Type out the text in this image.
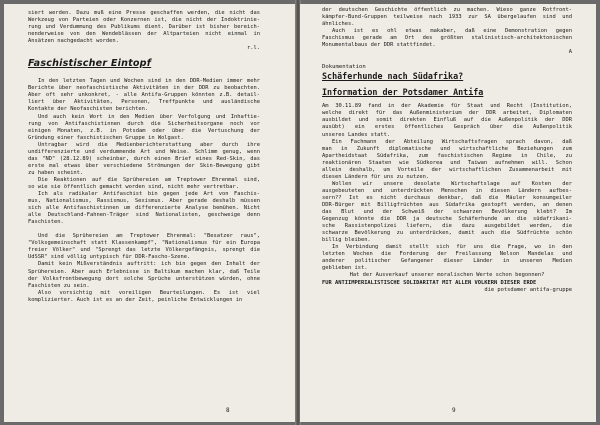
siert werden. Dazu muß eine Presse geschaffen werden, die nicht das
Werkzeug von Parteien oder Konzernen ist, die nicht der Indoktrinie-
rung und Verdummung des Publikums dient. Darüber ist bisher bereich-
nenderweise von den Wendeblässen der Altparteien nicht einmal in
Ansätzen nachgedacht worden.
r.l.
Faschistischer Eintopf
In den letzten Tagen und Wochen sind in den DDR-Medien immer mehr
Berichte über neofaschistische Aktivitäten in der DDR zu beobachten.
Aber oft sehr unkonkret, - alle Antifa-Gruppen könnten z.B. detail-
liert über Aktivitäten, Personen, Treffpunkte und ausländische
Kontakte der Neofaschisten berichten.
Und auch kein Wort in den Medien über Verfolgung und Inhaftie-
rung von Antifaschistinnen durch die Sicherheitsorgane noch vor
einigen Monaten, z.B. in Potsdam oder über die Vertuschung der
Gründung einer faschistischen Gruppe in Wolgast.
Untragbar wird die Medienberichterstattung aber durch ihre
undifferenzierte und verdummende Art und Weise. Schlimm genug, wenn
das "ND" (28.12.89) scheinbar, durch einen Brief eines Red-Skin, das
erste mal etwas über verschiedene Strömungen der Skin-Bewegung gibt
zu haben scheint.
Die Reaktionen auf die Sprühereien am Treptower Ehrenmal sind,
so wie sie öffentlich gemacht worden sind, nicht mehr vertretbar.
Ich als radikaler Antifaschist bin gegen jede Art von Faschis-
mus, Nationalismus, Rassismus, Sexismus. Aber gerade deshalb müssen
sich alle Antifaschistinnen um differenzierte Analyse bemühen. Nicht
alle Deutschland-Fahnen-Träger sind Nationalisten, geschweige denn
Faschisten.
Und die Sprühereien am Treptower Ehrenmal: "Besatzer raus",
"Volksgemeinschaft statt Klassenkampf", "Nationalismus für ein Europa
freier Völker" und "Sprengt das letzte Völkergefängnis, sprengt die
UdSSR" sind völlig untypisch für DDR-Fascho-Szene.
Damit kein Mißverständnis auftritt: ich bin gegen den Inhalt der
Sprühereien. Aber auch Erlebnisse in Baltikum machen klar, daß Teile
der Volksfrontbewegung dort solche Sprüche unterstützen würden, ohne
Faschisten zu sein.
Also vorsichtig mit voreiligen Beurteilungen. Es ist viel
komplizierter. Auch ist es an der Zeit, peinliche Entwicklungen in
8
der deutschen Geschichte öffentlich zu machen. Wieso ganze Rotfront-
kämpfer-Bund-Gruppen teilweise nach 1933 zur SA übergelaufen sind und
ähnliches.
Auch ist es ohl etwas makaber, daß eine Demonstration gegen
Faschismus gerade am Ort des größten stalinistisch-architektonischen
Monumentalbaus der DDR stattfindet.
A
Dokumentation
Schäferhunde nach Südafrika?
Information der Potsdamer Antifa
Am 30.11.89 fand in der Akademie für Staat und Recht (Institution,
welche direkt für das Außenministerium der DDR arbeitet, Diplomaten
ausbildet und somit direkten Einfluß auf die Außenpolitik der DDR
ausübt) ein erstes öffentliches Gespräch über die Außenpolitik
unseres Landes statt.
Ein Fachmann der Abteilung Wirtschaftsfragen sprach davon, daß
man in Zukunft diplomatische und wirtschaftliche Beziehungen zum
Apartheidstaat Südafrika, zum faschistischen Regime in Chile, zu
reaktionären Staaten wie Südkorea und Taiwan aufnehmen will. Schon
allein deshalb, um Vorteile der wirtschaftlichen Zusammenarbeit mit
diesen Ländern für uns zu nutzen.
Wollen wir unsere desolate Wirtschaftslage auf Kosten der
ausgebeuteten und unterdrückten Menschen in diesen Ländern aufbes-
sern?? Ist es nicht durchaus denkbar, daß die Mäuler konsumgeiler
DDR-Bürger mit Billigfrüchten aus Südafrika gestopft werden, an denen
das Blut und der Schweiß der schwarzen Bevölkerung klebt? Im
Gegenzug könnte die DDR ja deutsche Schäferhunde an die südafrikani-
sche Rassistenpolizei liefern, die dazu ausgebildet werden, die
schwarze Bevölkerung zu unterdrücken, damit auch die Südfrüchte schön
billig bleiben.
In Verbindung damit stellt sich für uns die Frage, wo in den
letzten Wochen die Forderung der Freilassung Nelson Mandelas und
anderer politischer Gefangener dieser Länder in unseren Medien
geblieben ist.
Hat der Ausverkauf unserer moralischen Werte schon begonnen?
FÜR ANTIIMPERIALISTISCHE SOLIDARITÄT MIT ALLEN VÖLKERN DIESER ERDE
die potsdamer antifa-gruppe
9
